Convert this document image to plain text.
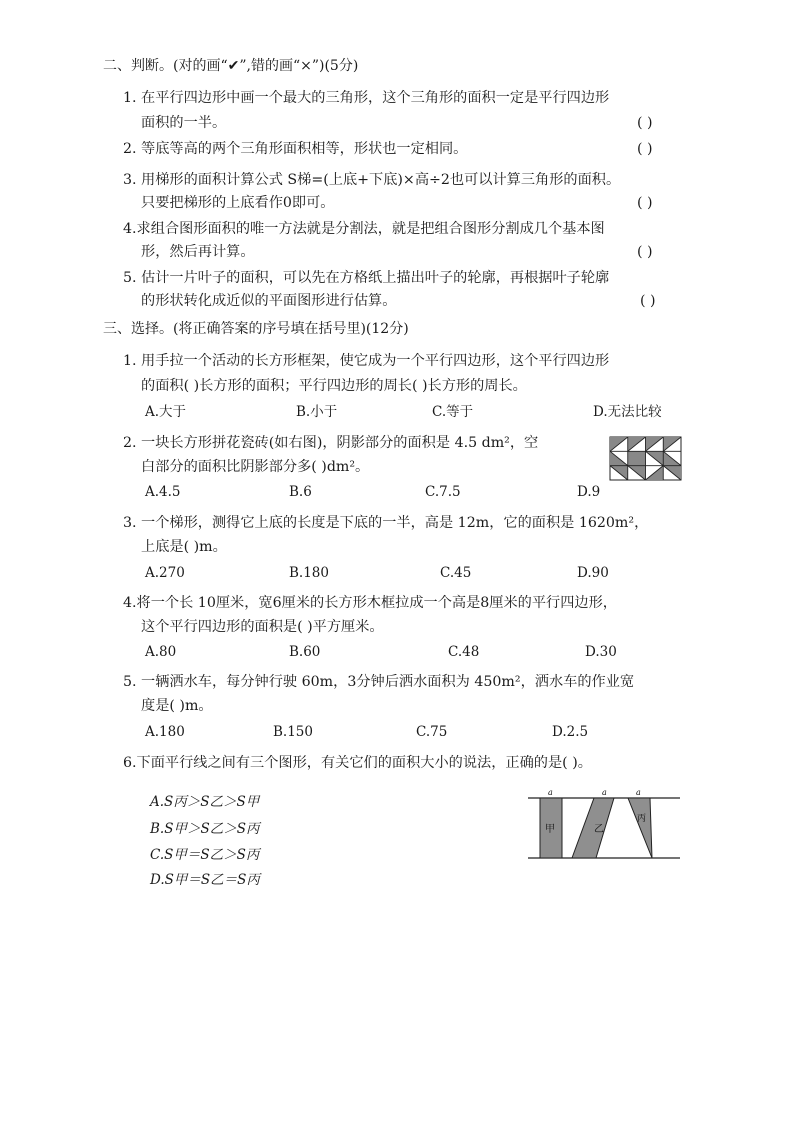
二、判断。(对的画“✔”,错的画“×”)(5分)
1. 在平行四边形中画一个最大的三角形，这个三角形的面积一定是平行四边形
面积的一半。	( )
2. 等底等高的两个三角形面积相等，形状也一定相同。	( )
3. 用梯形的面积计算公式 S梯=(上底+下底)×高÷2也可以计算三角形的面积。
只要把梯形的上底看作0即可。	( )
4.求组合图形面积的唯一方法就是分割法，就是把组合图形分割成几个基本图
形，然后再计算。	( )
5. 估计一片叶子的面积，可以先在方格纸上描出叶子的轮廓，再根据叶子轮廓
的形状转化成近似的平面图形进行估算。	( )
三、选择。(将正确答案的序号填在括号里)(12分)
1. 用手拉一个活动的长方形框架，使它成为一个平行四边形，这个平行四边形
的面积( )长方形的面积；平行四边形的周长( )长方形的周长。
A.大于	B.小于	C.等于	D.无法比较
2. 一块长方形拼花瓷砖(如右图)，阴影部分的面积是 4.5 dm²，空
白部分的面积比阴影部分多( )dm²。
A.4.5	B.6	C.7.5	D.9
3. 一个梯形，测得它上底的长度是下底的一半，高是 12m，它的面积是 1620m²，
上底是( )m。
A.270	B.180	C.45	D.90
4.将一个长 10厘米，宽6厘米的长方形木框拉成一个高是8厘米的平行四边形，
这个平行四边形的面积是( )平方厘米。
A.80	B.60	C.48	D.30
5. 一辆洒水车，每分钟行驶 60m，3分钟后洒水面积为 450m²，洒水车的作业宽
度是( )m。
A.180	B.150	C.75	D.2.5
6.下面平行线之间有三个图形，有关它们的面积大小的说法，正确的是( )。
A.S丙＞S乙＞S甲
B.S甲＞S乙＞S丙
C.S甲＝S乙＞S丙
D.S甲＝S乙＝S丙
甲	乙
丙
a	a	a
